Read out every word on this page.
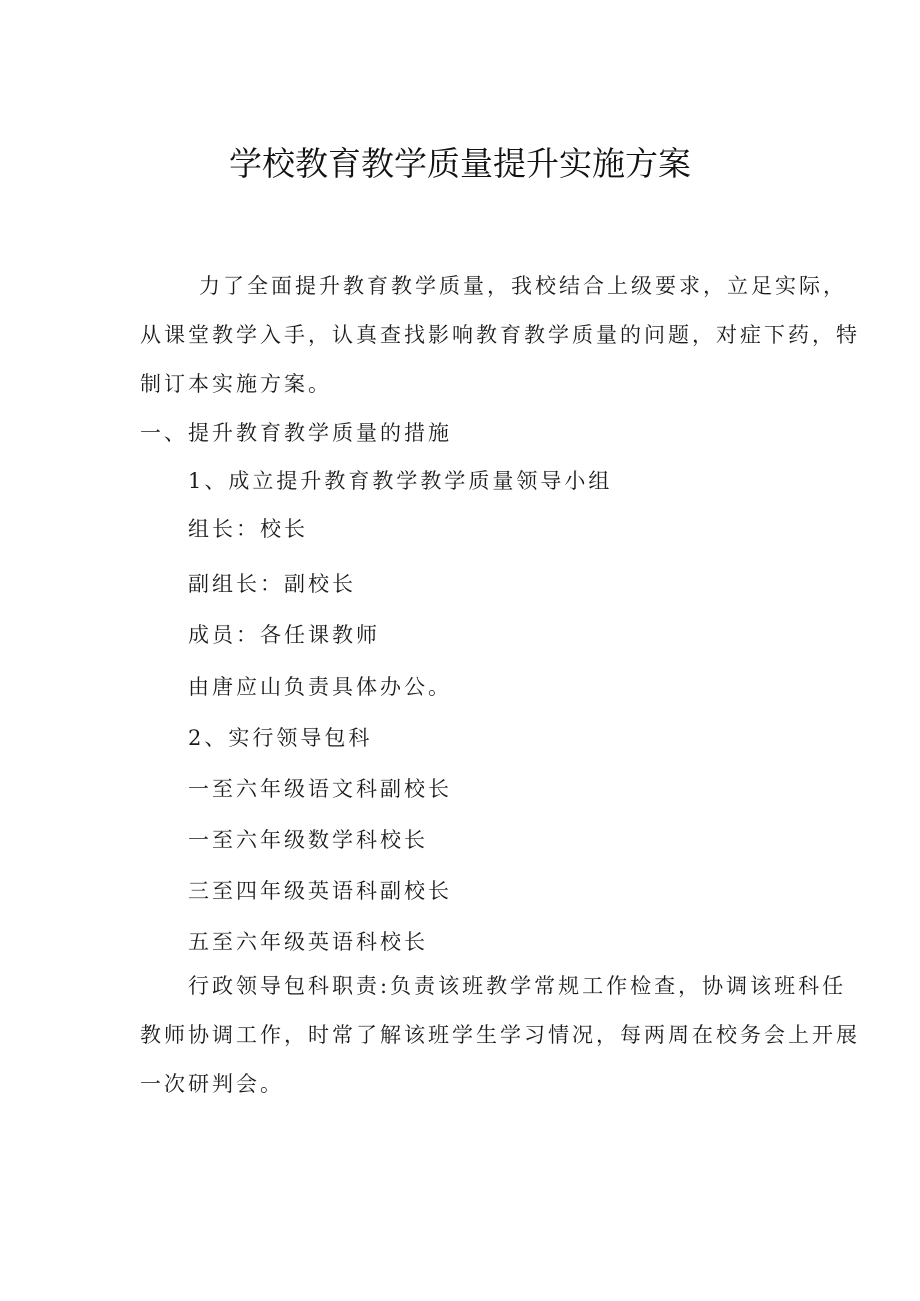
学校教育教学质量提升实施方案

力了全面提升教育教学质量，我校结合上级要求，立足实际，

从课堂教学入手，认真查找影响教育教学质量的问题，对症下药，特

制订本实施方案。

一、提升教育教学质量的措施

1、成立提升教育教学教学质量领导小组

组长：校长

副组长：副校长

成员：各任课教师

由唐应山负责具体办公。

2、实行领导包科

一至六年级语文科副校长

一至六年级数学科校长

三至四年级英语科副校长

五至六年级英语科校长

行政领导包科职责:负责该班教学常规工作检查，协调该班科任

教师协调工作，时常了解该班学生学习情况，每两周在校务会上开展

一次研判会。
